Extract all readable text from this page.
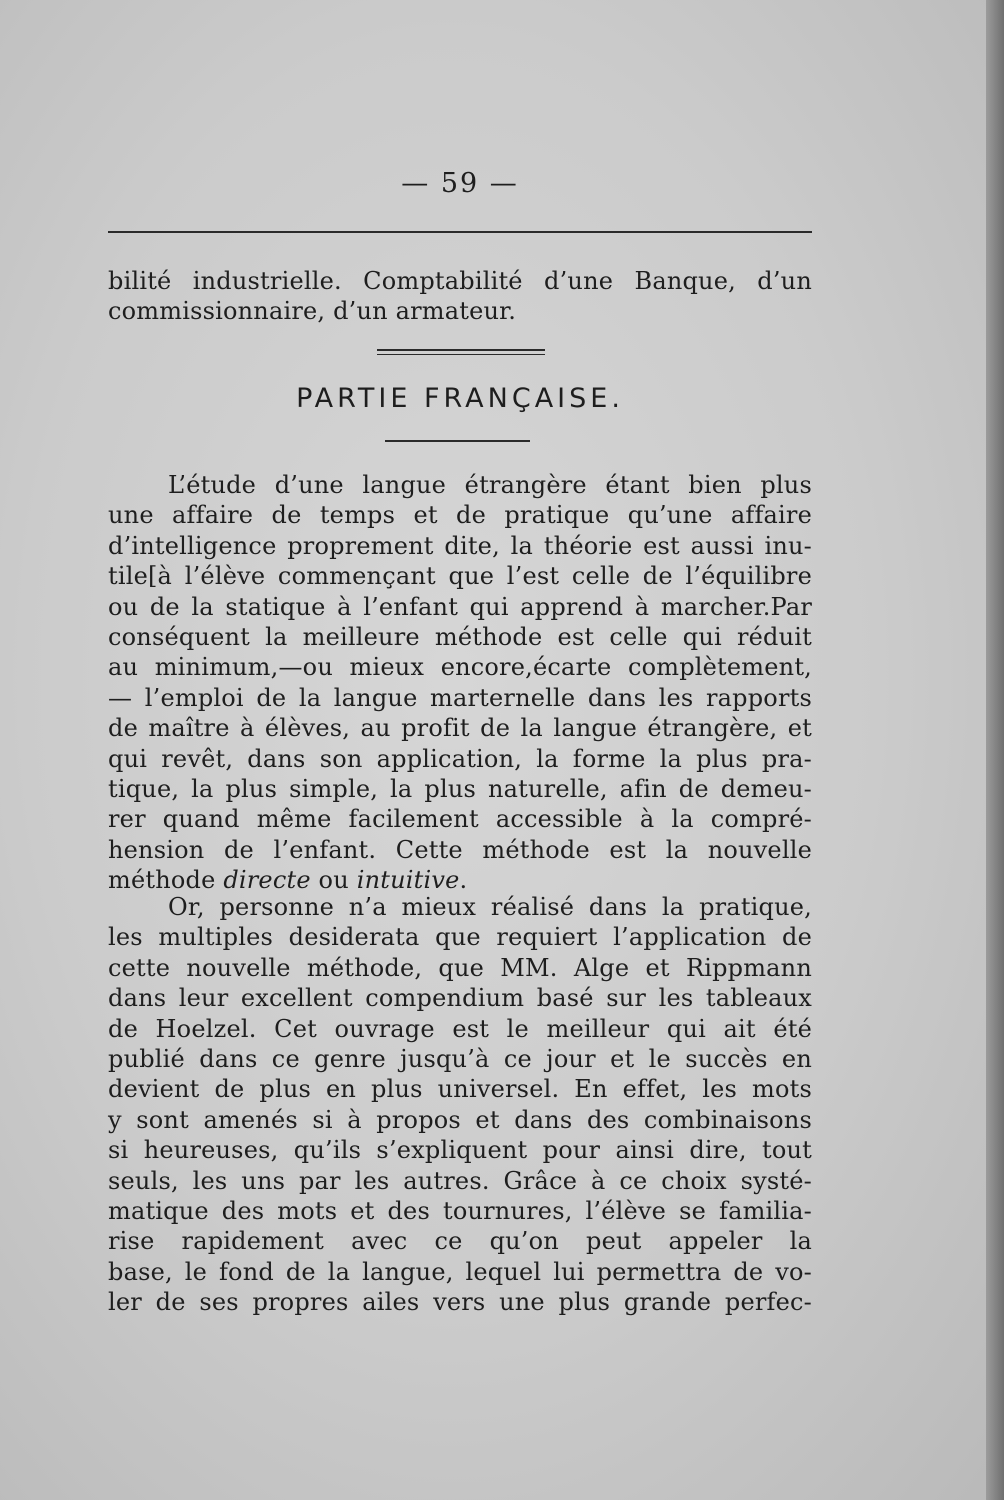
— 59 —

bilité industrielle. Comptabilité d’une Banque, d’un
commissionnaire, d’un armateur.

PARTIE FRANÇAISE.

L’étude d’une langue étrangère étant bien plus
une affaire de temps et de pratique qu’une affaire
d’intelligence proprement dite, la théorie est aussi inu-
tile[à l’élève commençant que l’est celle de l’équilibre
ou de la statique à l’enfant qui apprend à marcher.Par
conséquent la meilleure méthode est celle qui réduit
au minimum,—ou mieux encore,écarte complètement,
— l’emploi de la langue marternelle dans les rapports
de maître à élèves, au profit de la langue étrangère, et
qui revêt, dans son application, la forme la plus pra-
tique, la plus simple, la plus naturelle, afin de demeu-
rer quand même facilement accessible à la compré-
hension de l’enfant. Cette méthode est la nouvelle
méthode directe ou intuitive.

Or, personne n’a mieux réalisé dans la pratique,
les multiples desiderata que requiert l’application de
cette nouvelle méthode, que MM. Alge et Rippmann
dans leur excellent compendium basé sur les tableaux
de Hoelzel. Cet ouvrage est le meilleur qui ait été
publié dans ce genre jusqu’à ce jour et le succès en
devient de plus en plus universel. En effet, les mots
y sont amenés si à propos et dans des combinaisons
si heureuses, qu’ils s’expliquent pour ainsi dire, tout
seuls, les uns par les autres. Grâce à ce choix systé-
matique des mots et des tournures, l’élève se familia-
rise rapidement avec ce qu’on peut appeler la
base, le fond de la langue, lequel lui permettra de vo-
ler de ses propres ailes vers une plus grande perfec-
